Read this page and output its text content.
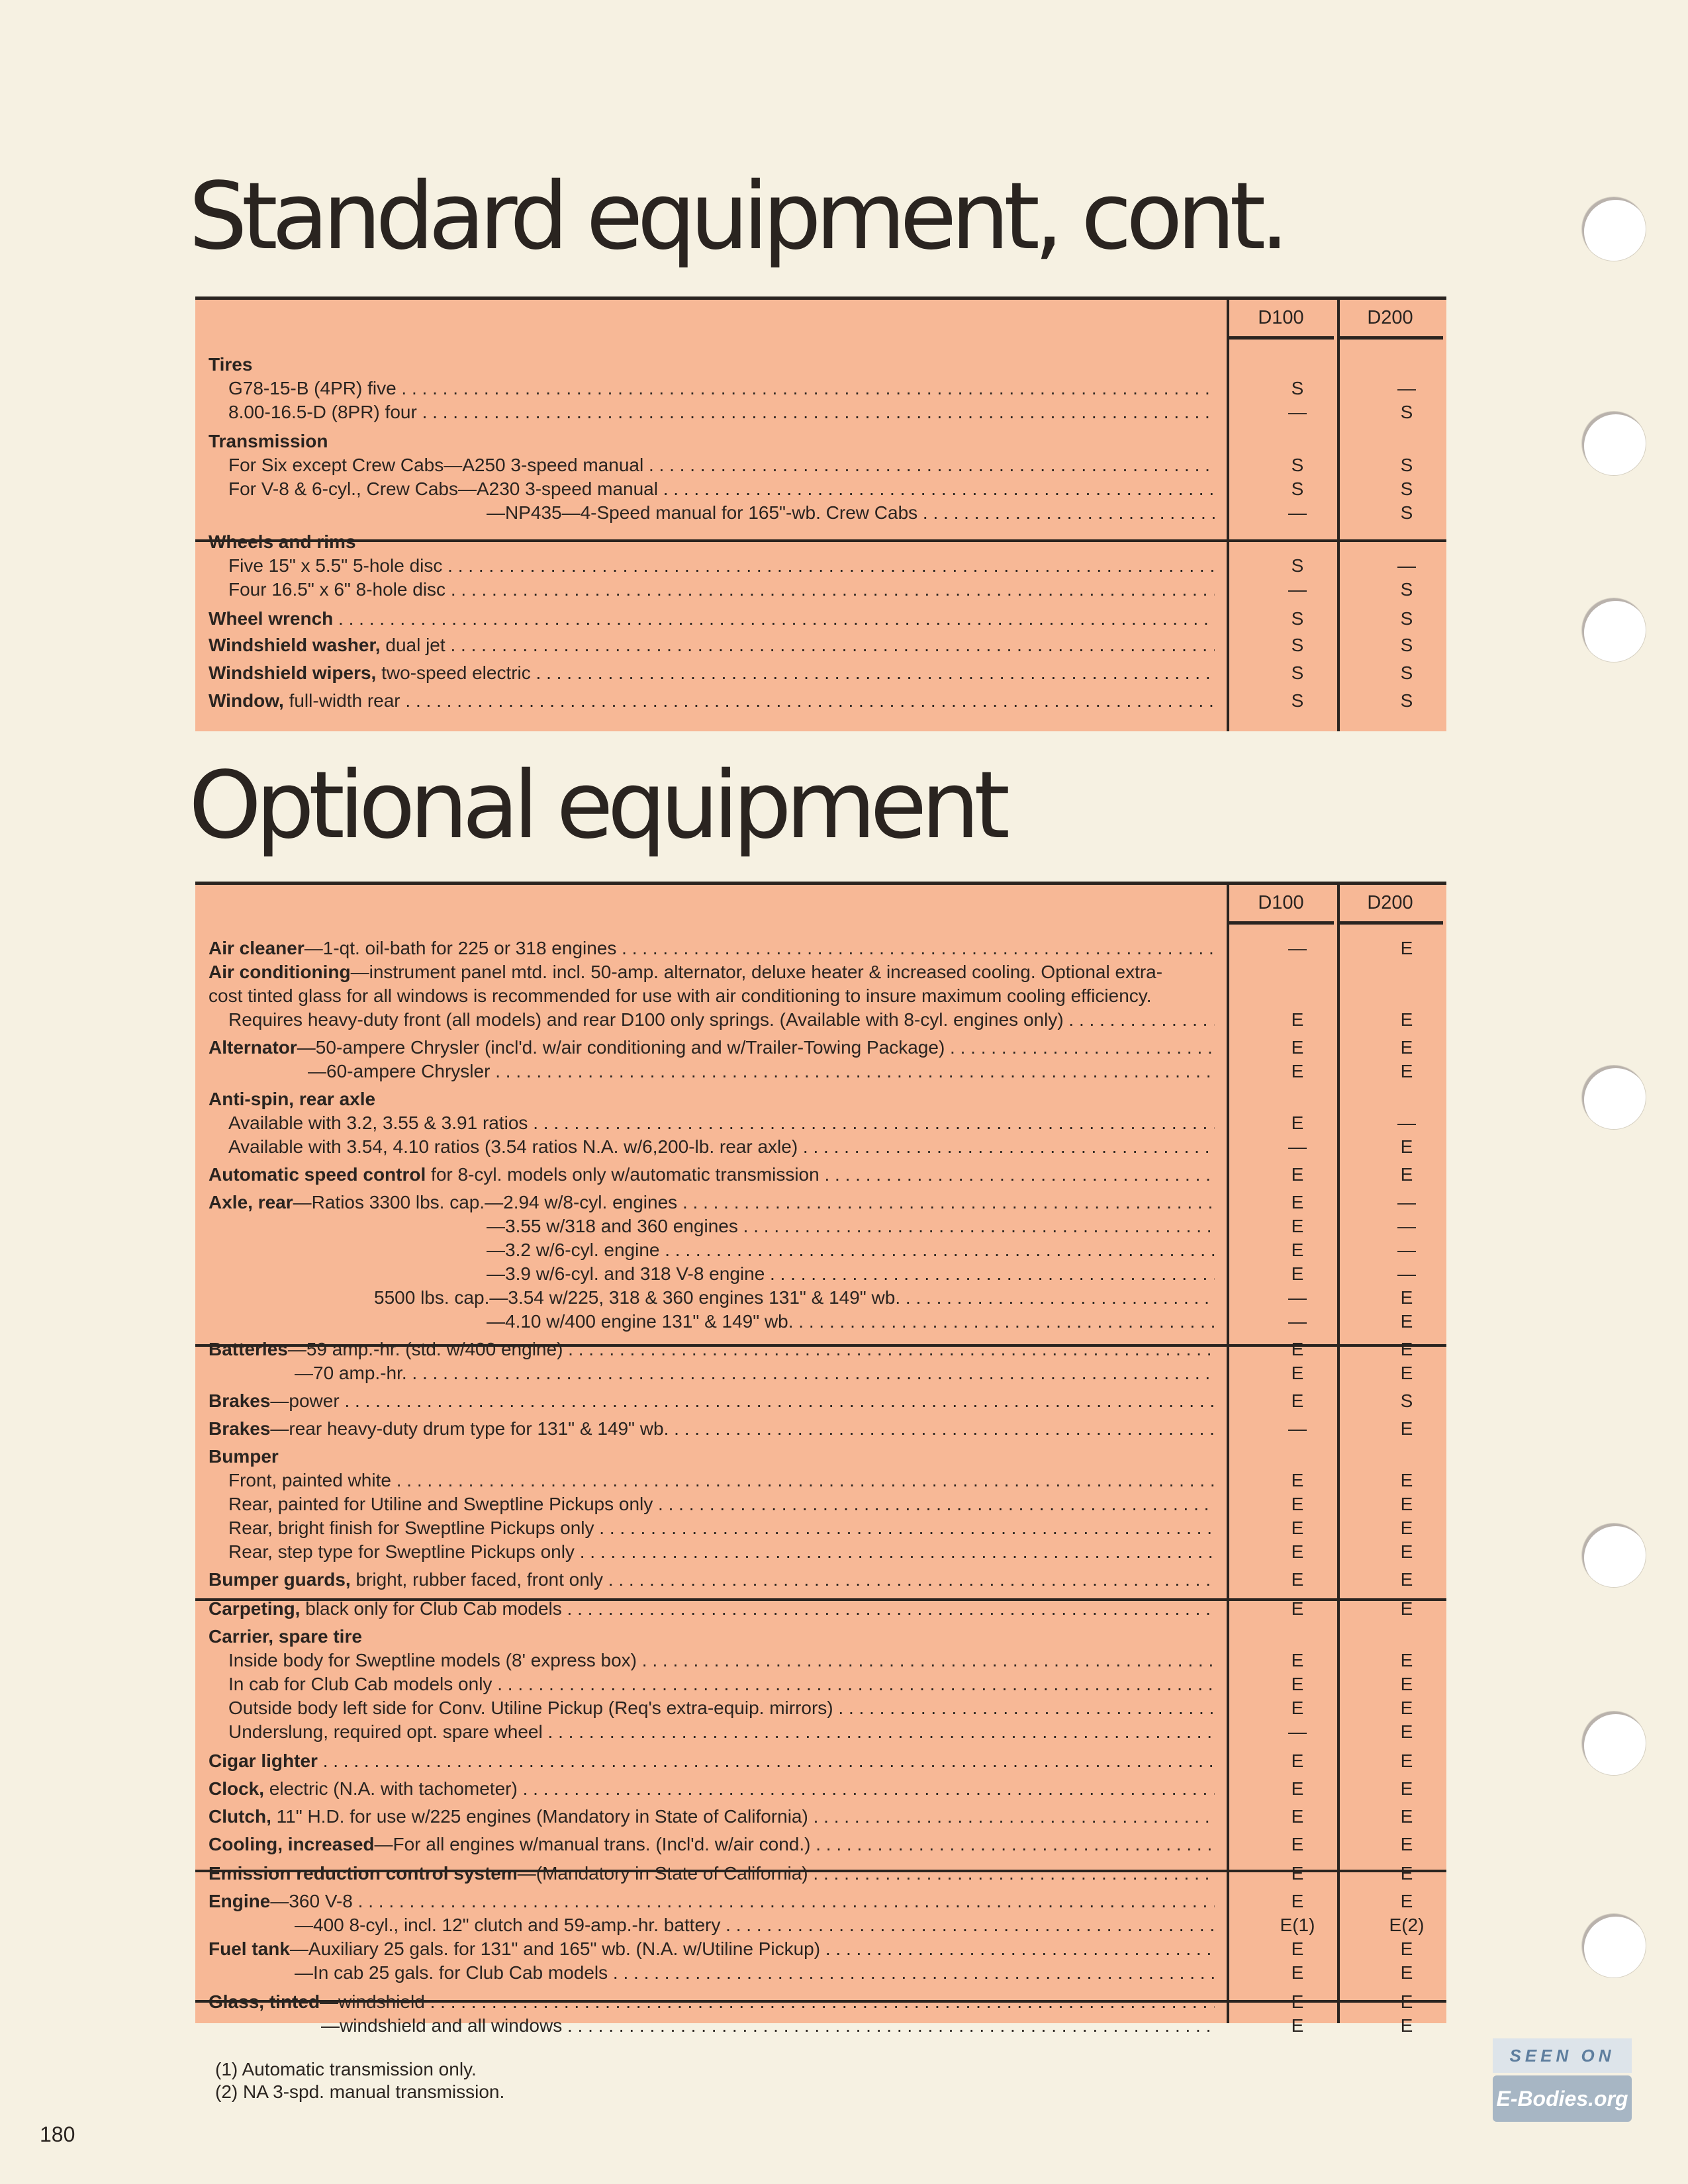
Standard equipment, cont.
D100	D200
Tires
G78-15-B (4PR) five . . .	S	—
8.00-16.5-D (8PR) four . . .	—	S
Transmission
For Six except Crew Cabs—A250 3-speed manual . . .	S	S
For V-8 & 6-cyl., Crew Cabs—A230 3-speed manual . . .	S	S
—NP435—4-Speed manual for 165"-wb. Crew Cabs . . .	—	S
Wheels and rims
Five 15" x 5.5" 5-hole disc . . .	S	—
Four 16.5" x 6" 8-hole disc . . .	—	S
Wheel wrench . . .	S	S
Windshield washer, dual jet . . .	S	S
Windshield wipers, two-speed electric . . .	S	S
Window, full-width rear . . .	S	S
Optional equipment
D100	D200
Air cleaner—1-qt. oil-bath for 225 or 318 engines . . .	—	E
Air conditioning—instrument panel mtd. incl. 50-amp. alternator, deluxe heater & increased cooling. Optional extra-
cost tinted glass for all windows is recommended for use with air conditioning to insure maximum cooling efficiency.
Requires heavy-duty front (all models) and rear D100 only springs. (Available with 8-cyl. engines only) . . .	E	E
Alternator—50-ampere Chrysler (incl'd. w/air conditioning and w/Trailer-Towing Package) . . .	E	E
—60-ampere Chrysler . . .	E	E
Anti-spin, rear axle
Available with 3.2, 3.55 & 3.91 ratios . . .	E	—
Available with 3.54, 4.10 ratios (3.54 ratios N.A. w/6,200-lb. rear axle) . . .	—	E
Automatic speed control for 8-cyl. models only w/automatic transmission . . .	E	E
Axle, rear—Ratios 3300 lbs. cap.—2.94 w/8-cyl. engines . . .	E	—
—3.55 w/318 and 360 engines . . .	E	—
—3.2 w/6-cyl. engine . . .	E	—
—3.9 w/6-cyl. and 318 V-8 engine . . .	E	—
5500 lbs. cap.—3.54 w/225, 318 & 360 engines 131" & 149" wb. . . .	—	E
—4.10 w/400 engine 131" & 149" wb. . . .	—	E
Batteries—59 amp.-hr. (std. w/400 engine) . . .	E	E
—70 amp.-hr. . . .	E	E
Brakes—power . . .	E	S
Brakes—rear heavy-duty drum type for 131" & 149" wb. . . .	—	E
Bumper
Front, painted white . . .	E	E
Rear, painted for Utiline and Sweptline Pickups only . . .	E	E
Rear, bright finish for Sweptline Pickups only . . .	E	E
Rear, step type for Sweptline Pickups only . . .	E	E
Bumper guards, bright, rubber faced, front only . . .	E	E
Carpeting, black only for Club Cab models . . .	E	E
Carrier, spare tire
Inside body for Sweptline models (8' express box) . . .	E	E
In cab for Club Cab models only . . .	E	E
Outside body left side for Conv. Utiline Pickup (Req's extra-equip. mirrors) . . .	E	E
Underslung, required opt. spare wheel . . .	—	E
Cigar lighter . . .	E	E
Clock, electric (N.A. with tachometer) . . .	E	E
Clutch, 11" H.D. for use w/225 engines (Mandatory in State of California) . . .	E	E
Cooling, increased—For all engines w/manual trans. (Incl'd. w/air cond.) . . .	E	E
Emission reduction control system—(Mandatory in State of California) . . .	E	E
Engine—360 V-8 . . .	E	E
—400 8-cyl., incl. 12" clutch and 59-amp.-hr. battery . . .	E(1)	E(2)
Fuel tank—Auxiliary 25 gals. for 131" and 165" wb. (N.A. w/Utiline Pickup) . . .	E	E
—In cab 25 gals. for Club Cab models . . .	E	E
Glass, tinted—windshield . . .	E	E
—windshield and all windows . . .	E	E
(1) Automatic transmission only.
(2) NA 3-spd. manual transmission.
180
SEEN ON
E-Bodies.org
